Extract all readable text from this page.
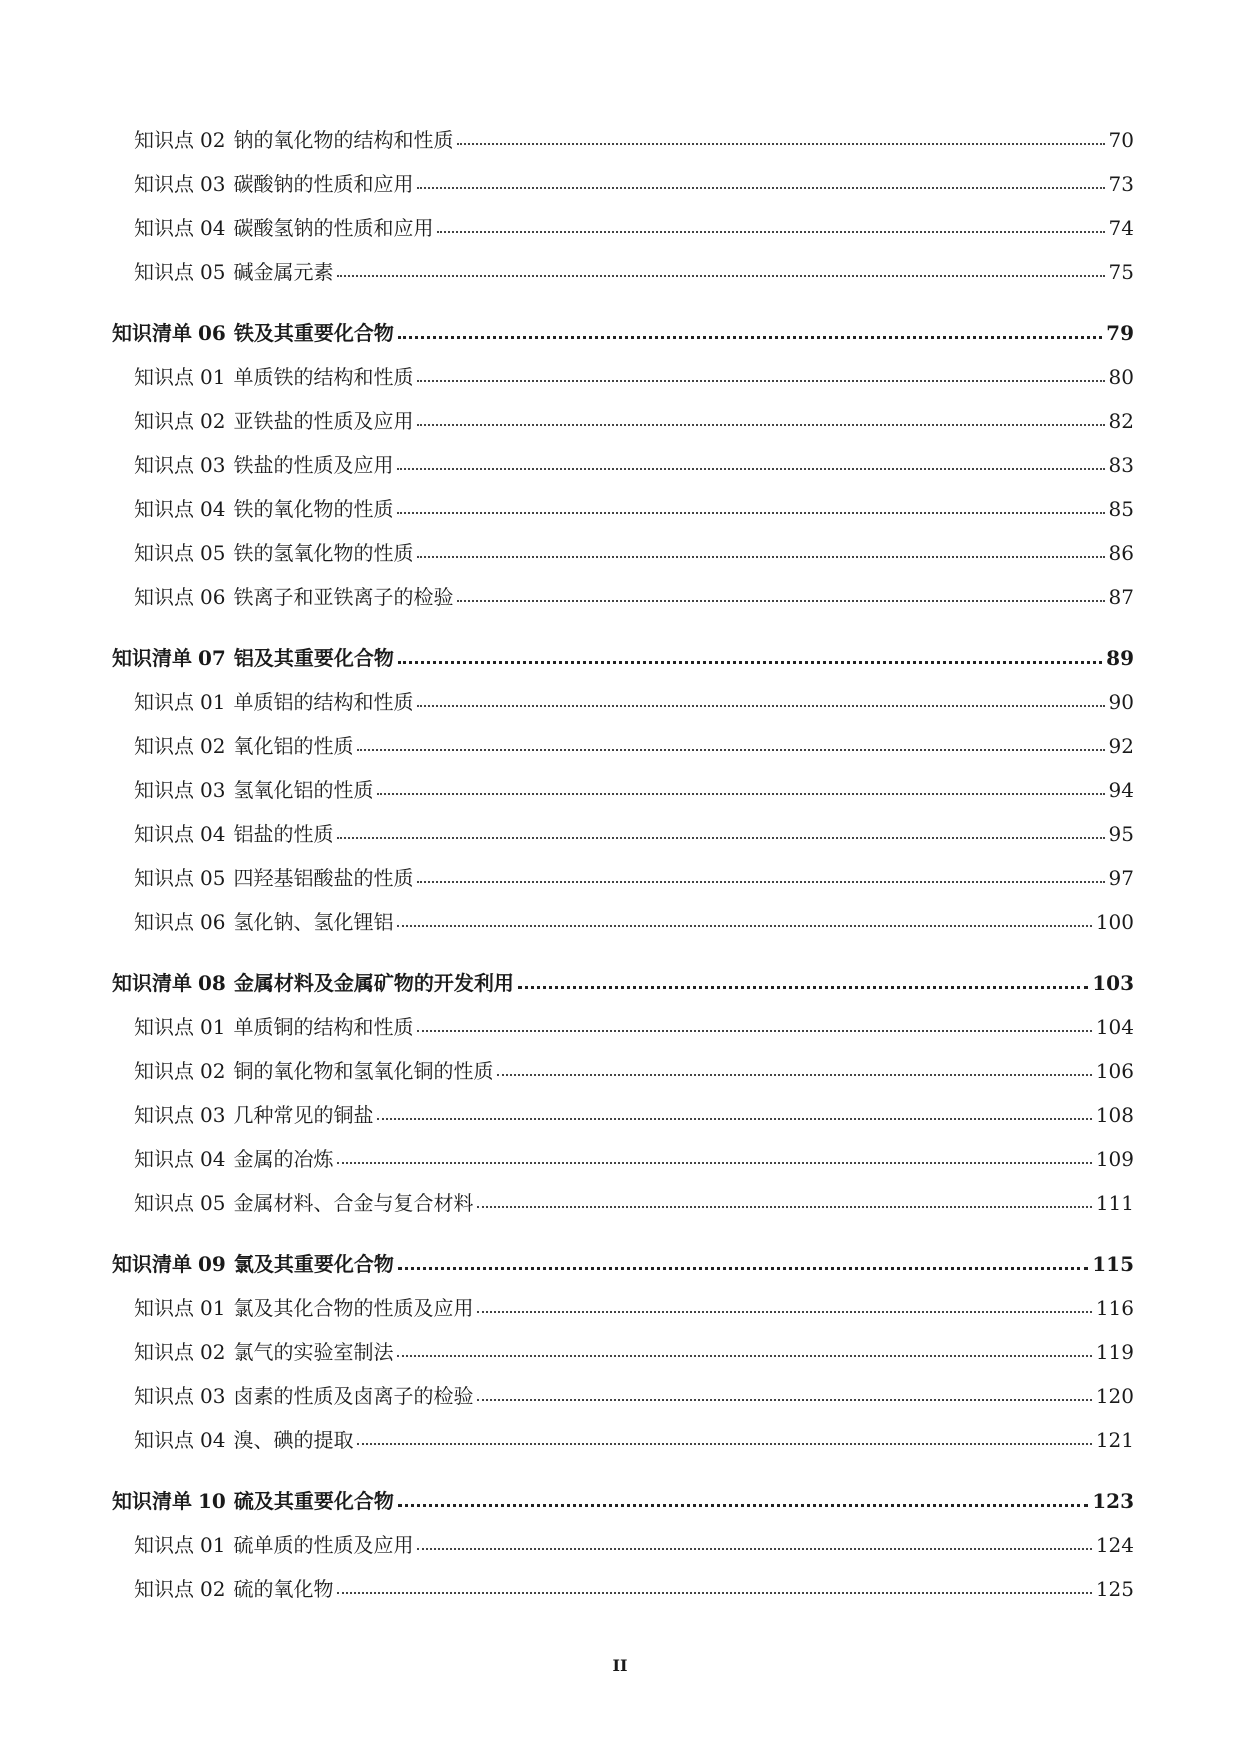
知识点 02 钠的氧化物的结构和性质	70
知识点 03 碳酸钠的性质和应用	73
知识点 04 碳酸氢钠的性质和应用	74
知识点 05 碱金属元素	75
知识清单 06 铁及其重要化合物	79
知识点 01 单质铁的结构和性质	80
知识点 02 亚铁盐的性质及应用	82
知识点 03 铁盐的性质及应用	83
知识点 04 铁的氧化物的性质	85
知识点 05 铁的氢氧化物的性质	86
知识点 06 铁离子和亚铁离子的检验	87
知识清单 07 铝及其重要化合物	89
知识点 01 单质铝的结构和性质	90
知识点 02 氧化铝的性质	92
知识点 03 氢氧化铝的性质	94
知识点 04 铝盐的性质	95
知识点 05 四羟基铝酸盐的性质	97
知识点 06 氢化钠、氢化锂铝	100
知识清单 08 金属材料及金属矿物的开发利用	103
知识点 01 单质铜的结构和性质	104
知识点 02 铜的氧化物和氢氧化铜的性质	106
知识点 03 几种常见的铜盐	108
知识点 04 金属的冶炼	109
知识点 05 金属材料、合金与复合材料	111
知识清单 09 氯及其重要化合物	115
知识点 01 氯及其化合物的性质及应用	116
知识点 02 氯气的实验室制法	119
知识点 03 卤素的性质及卤离子的检验	120
知识点 04 溴、碘的提取	121
知识清单 10 硫及其重要化合物	123
知识点 01 硫单质的性质及应用	124
知识点 02 硫的氧化物	125
II
